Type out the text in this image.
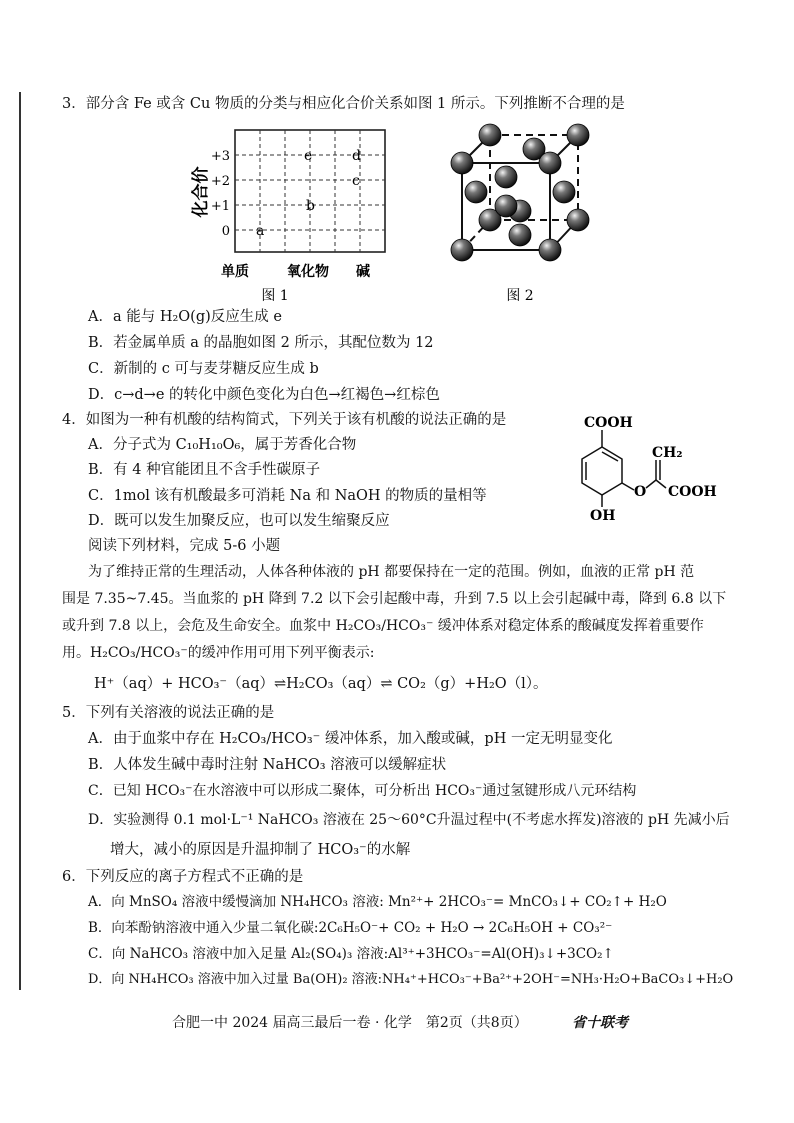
3．部分含 Fe 或含 Cu 物质的分类与相应化合价关系如图 1 所示。下列推断不合理的是
化合价
+3
+2
+1
0 a
b
c
d
e
单质	氧化物 碱
图 1	图 2
A．a 能与 H₂O(g)反应生成 e
B．若金属单质 a 的晶胞如图 2 所示，其配位数为 12
C．新制的 c 可与麦芽糖反应生成 b
D．c→d→e 的转化中颜色变化为白色→红褐色→红棕色
4．如图为一种有机酸的结构简式，下列关于该有机酸的说法正确的是
A．分子式为 C₁₀H₁₀O₆，属于芳香化合物
B．有 4 种官能团且不含手性碳原子
C．1mol 该有机酸最多可消耗 Na 和 NaOH 的物质的量相等
D．既可以发生加聚反应，也可以发生缩聚反应
COOH
CH₂
O COOH
OH
阅读下列材料，完成 5-6 小题
为了维持正常的生理活动，人体各种体液的 pH 都要保持在一定的范围。例如，血液的正常 pH 范
围是 7.35~7.45。当血浆的 pH 降到 7.2 以下会引起酸中毒，升到 7.5 以上会引起碱中毒，降到 6.8 以下
或升到 7.8 以上，会危及生命安全。血浆中 H₂CO₃/HCO₃⁻ 缓冲体系对稳定体系的酸碱度发挥着重要作
用。H₂CO₃/HCO₃⁻的缓冲作用可用下列平衡表示:
H⁺（aq）+ HCO₃⁻（aq）⇌H₂CO₃（aq）⇌ CO₂（g）+H₂O（l）。
5．下列有关溶液的说法正确的是
A．由于血浆中存在 H₂CO₃/HCO₃⁻ 缓冲体系，加入酸或碱，pH 一定无明显变化
B．人体发生碱中毒时注射 NaHCO₃ 溶液可以缓解症状
C．已知 HCO₃⁻在水溶液中可以形成二聚体，可分析出 HCO₃⁻通过氢键形成八元环结构
D．实验测得 0.1 mol·L⁻¹ NaHCO₃ 溶液在 25～60°C升温过程中(不考虑水挥发)溶液的 pH 先减小后
增大，减小的原因是升温抑制了 HCO₃⁻的水解
6．下列反应的离子方程式不正确的是
A．向 MnSO₄ 溶液中缓慢滴加 NH₄HCO₃ 溶液: Mn²⁺+ 2HCO₃⁻= MnCO₃↓+ CO₂↑+ H₂O
B．向苯酚钠溶液中通入少量二氧化碳:2C₆H₅O⁻+ CO₂ + H₂O → 2C₆H₅OH + CO₃²⁻
C．向 NaHCO₃ 溶液中加入足量 Al₂(SO₄)₃ 溶液:Al³⁺+3HCO₃⁻=Al(OH)₃↓+3CO₂↑
D．向 NH₄HCO₃ 溶液中加入过量 Ba(OH)₂ 溶液:NH₄⁺+HCO₃⁻+Ba²⁺+2OH⁻=NH₃·H₂O+BaCO₃↓+H₂O
合肥一中 2024 届高三最后一卷 · 化学　第2页（共8页）	省十联考
